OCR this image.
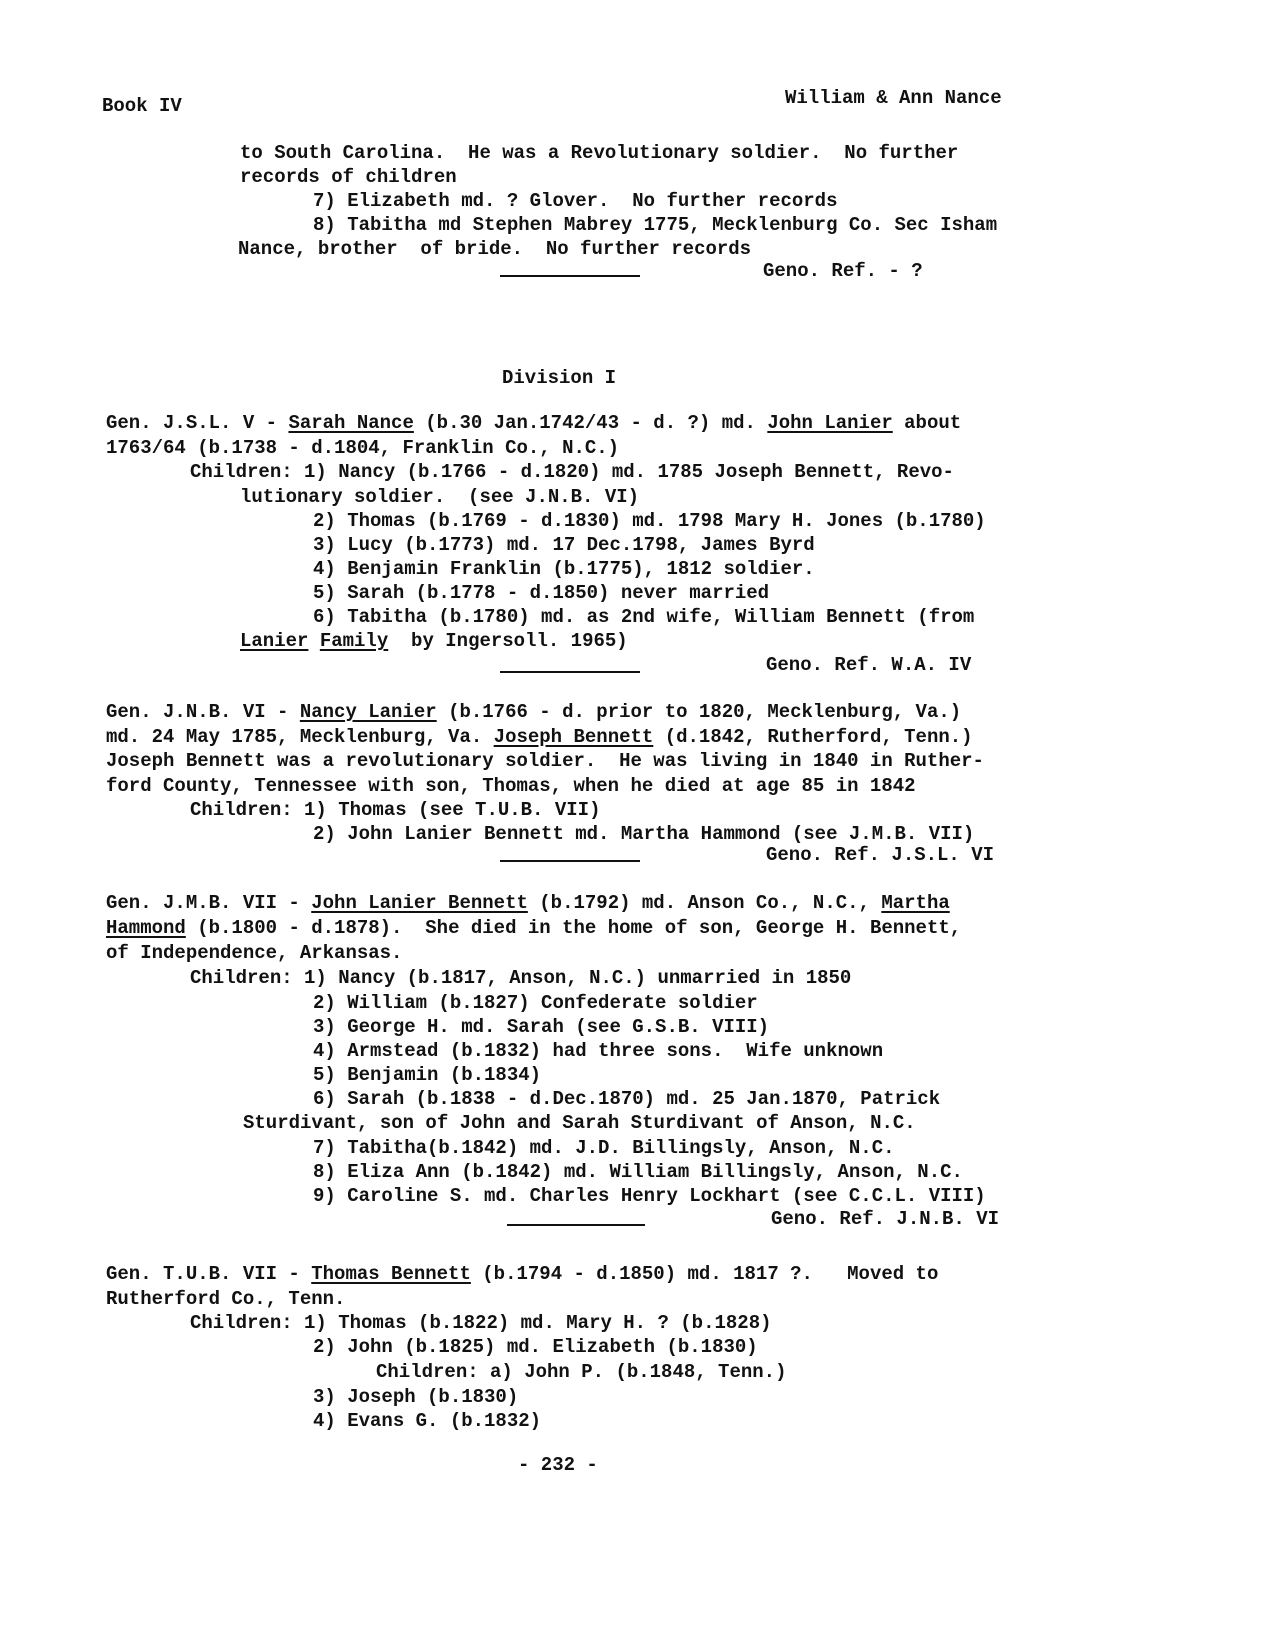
Book IV	William & Ann Nance
to South Carolina.  He was a Revolutionary soldier.  No further
records of children
7) Elizabeth md. ? Glover.  No further records
8) Tabitha md Stephen Mabrey 1775, Mecklenburg Co. Sec Isham
Nance, brother  of bride.  No further records
Geno. Ref. - ?
Division I
Gen. J.S.L. V - Sarah Nance (b.30 Jan.1742/43 - d. ?) md. John Lanier about
1763/64 (b.1738 - d.1804, Franklin Co., N.C.)
Children: 1) Nancy (b.1766 - d.1820) md. 1785 Joseph Bennett, Revo-
lutionary soldier.  (see J.N.B. VI)
2) Thomas (b.1769 - d.1830) md. 1798 Mary H. Jones (b.1780)
3) Lucy (b.1773) md. 17 Dec.1798, James Byrd
4) Benjamin Franklin (b.1775), 1812 soldier.
5) Sarah (b.1778 - d.1850) never married
6) Tabitha (b.1780) md. as 2nd wife, William Bennett (from
Lanier Family  by Ingersoll. 1965)
Geno. Ref. W.A. IV
Gen. J.N.B. VI - Nancy Lanier (b.1766 - d. prior to 1820, Mecklenburg, Va.)
md. 24 May 1785, Mecklenburg, Va. Joseph Bennett (d.1842, Rutherford, Tenn.)
Joseph Bennett was a revolutionary soldier.  He was living in 1840 in Ruther-
ford County, Tennessee with son, Thomas, when he died at age 85 in 1842
Children: 1) Thomas (see T.U.B. VII)
2) John Lanier Bennett md. Martha Hammond (see J.M.B. VII)
Geno. Ref. J.S.L. VI
Gen. J.M.B. VII - John Lanier Bennett (b.1792) md. Anson Co., N.C., Martha
Hammond (b.1800 - d.1878).  She died in the home of son, George H. Bennett,
of Independence, Arkansas.
Children: 1) Nancy (b.1817, Anson, N.C.) unmarried in 1850
2) William (b.1827) Confederate soldier
3) George H. md. Sarah (see G.S.B. VIII)
4) Armstead (b.1832) had three sons.  Wife unknown
5) Benjamin (b.1834)
6) Sarah (b.1838 - d.Dec.1870) md. 25 Jan.1870, Patrick
Sturdivant, son of John and Sarah Sturdivant of Anson, N.C.
7) Tabitha(b.1842) md. J.D. Billingsly, Anson, N.C.
8) Eliza Ann (b.1842) md. William Billingsly, Anson, N.C.
9) Caroline S. md. Charles Henry Lockhart (see C.C.L. VIII)
Geno. Ref. J.N.B. VI
Gen. T.U.B. VII - Thomas Bennett (b.1794 - d.1850) md. 1817 ?.   Moved to
Rutherford Co., Tenn.
Children: 1) Thomas (b.1822) md. Mary H. ? (b.1828)
2) John (b.1825) md. Elizabeth (b.1830)
Children: a) John P. (b.1848, Tenn.)
3) Joseph (b.1830)
4) Evans G. (b.1832)
- 232 -
